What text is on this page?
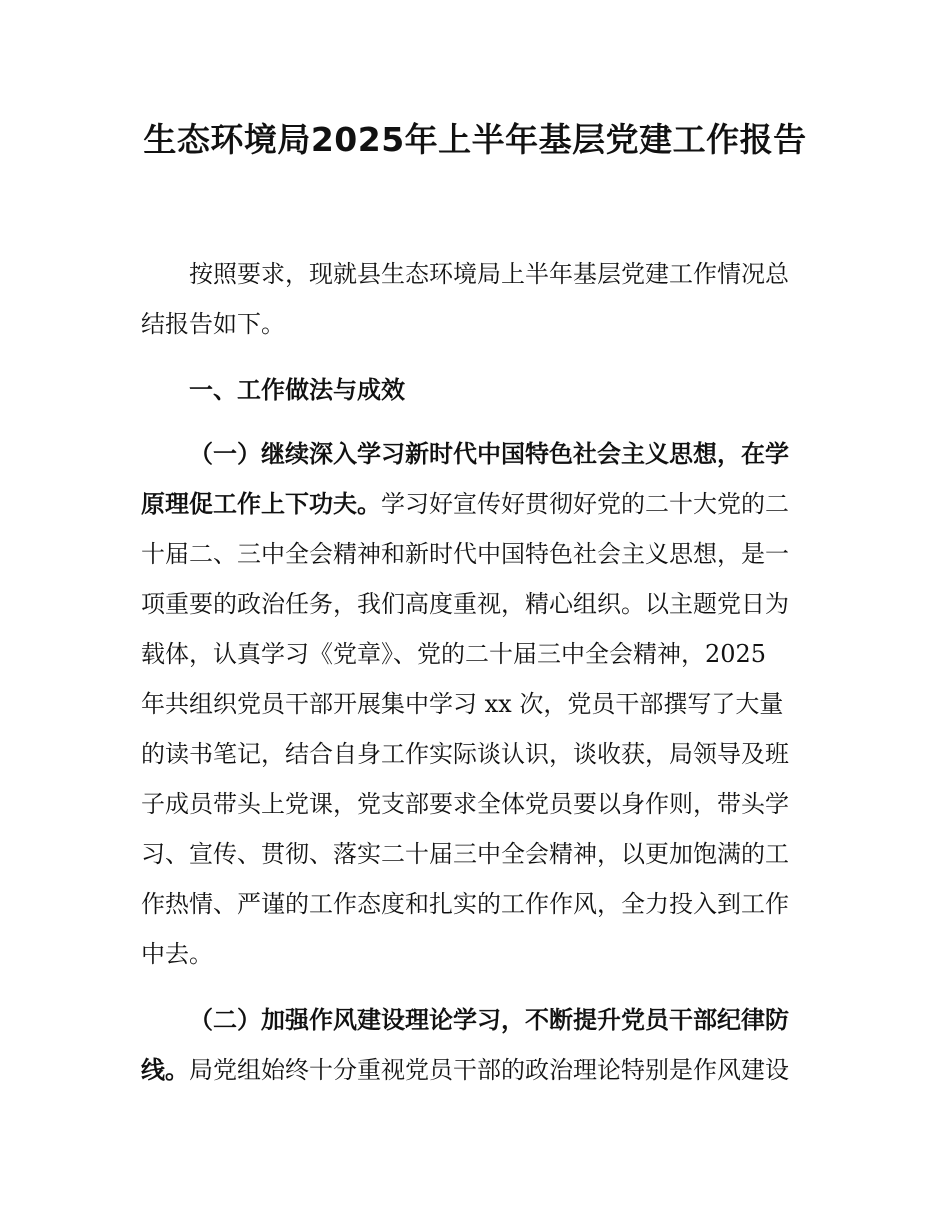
生态环境局2025年上半年基层党建工作报告
按照要求，现就县生态环境局上半年基层党建工作情况总
结报告如下。
一、工作做法与成效
（一）继续深入学习新时代中国特色社会主义思想，在学
原理促工作上下功夫。学习好宣传好贯彻好党的二十大党的二
十届二、三中全会精神和新时代中国特色社会主义思想，是一
项重要的政治任务，我们高度重视，精心组织。以主题党日为
载体，认真学习《党章》、党的二十届三中全会精神，2025
年共组织党员干部开展集中学习 xx 次，党员干部撰写了大量
的读书笔记，结合自身工作实际谈认识，谈收获，局领导及班
子成员带头上党课，党支部要求全体党员要以身作则，带头学
习、宣传、贯彻、落实二十届三中全会精神，以更加饱满的工
作热情、严谨的工作态度和扎实的工作作风，全力投入到工作
中去。
（二）加强作风建设理论学习，不断提升党员干部纪律防
线。局党组始终十分重视党员干部的政治理论特别是作风建设
